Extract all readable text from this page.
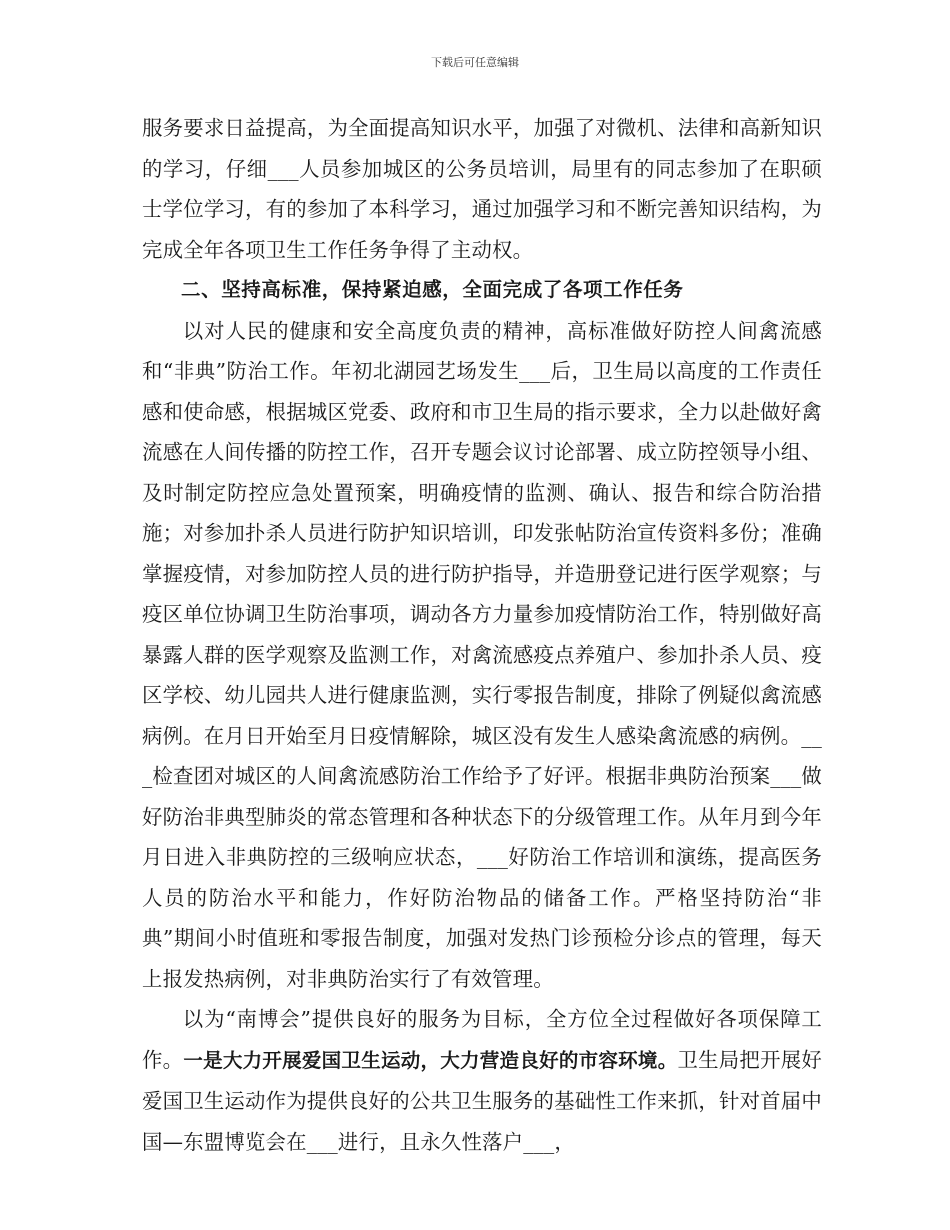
下载后可任意编辑

服务要求日益提高，为全面提高知识水平，加强了对微机、法律和高新知识的学习，仔细___人员参加城区的公务员培训，局里有的同志参加了在职硕士学位学习，有的参加了本科学习，通过加强学习和不断完善知识结构，为完成全年各项卫生工作任务争得了主动权。

二、坚持高标准，保持紧迫感，全面完成了各项工作任务

以对人民的健康和安全高度负责的精神，高标准做好防控人间禽流感和“非典”防治工作。年初北湖园艺场发生___后，卫生局以高度的工作责任感和使命感，根据城区党委、政府和市卫生局的指示要求，全力以赴做好禽流感在人间传播的防控工作，召开专题会议讨论部署、成立防控领导小组、及时制定防控应急处置预案，明确疫情的监测、确认、报告和综合防治措施；对参加扑杀人员进行防护知识培训，印发张帖防治宣传资料多份；准确掌握疫情，对参加防控人员的进行防护指导，并造册登记进行医学观察；与疫区单位协调卫生防治事项，调动各方力量参加疫情防治工作，特别做好高暴露人群的医学观察及监测工作，对禽流感疫点养殖户、参加扑杀人员、疫区学校、幼儿园共人进行健康监测，实行零报告制度，排除了例疑似禽流感病例。在月日开始至月日疫情解除，城区没有发生人感染禽流感的病例。___检查团对城区的人间禽流感防治工作给予了好评。根据非典防治预案___做好防治非典型肺炎的常态管理和各种状态下的分级管理工作。从年月到今年月日进入非典防控的三级响应状态，___好防治工作培训和演练，提高医务人员的防治水平和能力，作好防治物品的储备工作。严格坚持防治“非典”期间小时值班和零报告制度，加强对发热门诊预检分诊点的管理，每天上报发热病例，对非典防治实行了有效管理。

以为“南博会”提供良好的服务为目标，全方位全过程做好各项保障工作。一是大力开展爱国卫生运动，大力营造良好的市容环境。卫生局把开展好爱国卫生运动作为提供良好的公共卫生服务的基础性工作来抓，针对首届中国—东盟博览会在___进行，且永久性落户___，
